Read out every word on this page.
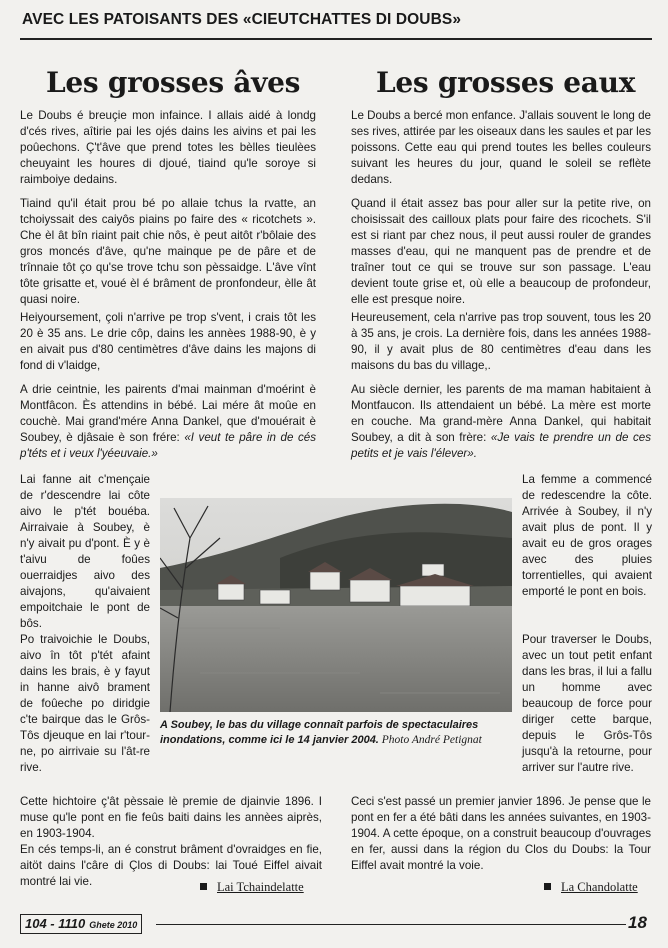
AVEC LES PATOISANTS DES «CIEUTCHATTES DI DOUBS»
Les grosses âves	Les grosses eaux

Le Doubs é breuçie mon infaince. I allais aidé à londg d'cés rives, aîtirie pai les ojés dains les aivins et pai les poûechons. Ç't'âve que prend totes les bèlles tieulèes cheuyaint les houres di djoué, tiaind qu'le soroye si raimboiye dedains.

Tiaind qu'il était prou bé po allaie tchus la rvatte, an tchoiyssait des caiyôs piains po faire des « ricotchets ». Che èl ât bîn riaint pait chie nôs, è peut aitôt r'bôlaie des gros moncés d'âve, qu'ne mainque pe de pâre et de trînnaie tôt ço qu'se trove tchu son pèssaidge. L'âve vînt tôte grisatte et, voué èl é brâment de pronfondeur, èlle ât quasi noire.

Heiyoursement, çoli n'arrive pe trop s'vent, i crais tôt les 20 è 35 ans. Le drie côp, dains les annèes 1988-90, è y en aivait pus d'80 centimètres d'âve dains les majons di fond di v'laidge,

A drie ceintnie, les pairents d'mai mainman d'moérint è Montfâcon. Ès attendins in bébé. Lai mére ât moûe en couchè. Mai grand'mére Anna Dankel, que d'mouérait è Soubey, è djâsaie è son frére: «I veut te pâre in de cés p'téts et i veux l'yéeuvaie.»

Lai fanne ait c'mençaie de r'descendre lai côte aivo le p'tét bouéba. Airraivaie à Soubey, è n'y aivait pu d'pont. È y è t'aivu de foûes ouerraidjes aivo des aivajons, qu'aivaient empoitchaie le pont de bôs.

Po traivoichie le Doubs, aivo în tôt p'tét afaint dains les brais, è y fayut in hanne aivô brament de foûeche po diridgie c'te bairque das le Grôs-Tôs djeuque en lai r'tour-ne, po airrivaie su l'ât-re rive.

Cette hichtoire ç'ât pèssaie lè premie de djainvie 1896. I muse qu'le pont en fie feûs baiti dains les annèes aiprès, en 1903-1904.

En cés temps-li, an é construt brâment d'ovraidges en fie, aitöt dains l'câre di Çlos di Doubs: lai Toué Eiffel aivait montré lai vie.	Lai Tchaindelatte

Le Doubs a bercé mon enfance. J'allais souvent le long de ses rives, attirée par les oiseaux dans les saules et par les poissons. Cette eau qui prend toutes les belles couleurs suivant les heures du jour, quand le soleil se reflète dedans.

Quand il était assez bas pour aller sur la petite rive, on choisissait des cailloux plats pour faire des ricochets. S'il est si riant par chez nous, il peut aussi rouler de grandes masses d'eau, qui ne manquent pas de prendre et de traîner tout ce qui se trouve sur son passage. L'eau devient toute grise et, où elle a beaucoup de profondeur, elle est presque noire.

Heureusement, cela n'arrive pas trop souvent, tous les 20 à 35 ans, je crois. La dernière fois, dans les années 1988-90, il y avait plus de 80 centimètres d'eau dans les maisons du bas du village,.

Au siècle dernier, les parents de ma maman habitaient à Montfaucon. Ils attendaient un bébé. La mère est morte en couche. Ma grand-mère Anna Dankel, qui habitait Soubey, a dit à son frère: «Je vais te prendre un de ces petits et je vais l'élever».

La femme a commencé de redescendre la côte. Arrivée à Soubey, il n'y avait plus de pont. Il y avait eu de gros orages avec des pluies torrentielles, qui avaient emporté le pont en bois.

Pour traverser le Doubs, avec un tout petit enfant dans les bras, il lui a fallu un homme avec beaucoup de force pour diriger cette barque, depuis le Grôs-Tôs jusqu'à la retourne, pour arriver sur l'autre rive.

Ceci s'est passé un premier janvier 1896. Je pense que le pont en fer a été bâti dans les années suivantes, en 1903-1904. A cette époque, on a construit beaucoup d'ouvrages en fer, aussi dans la région du Clos du Doubs: la Tour Eiffel avait montré la voie.

La Chandolatte

A Soubey, le bas du village connaît parfois de spectaculaires inondations, comme ici le 14 janvier 2004. Photo André Petignat

104 - 1110 Ghete 2010	18
